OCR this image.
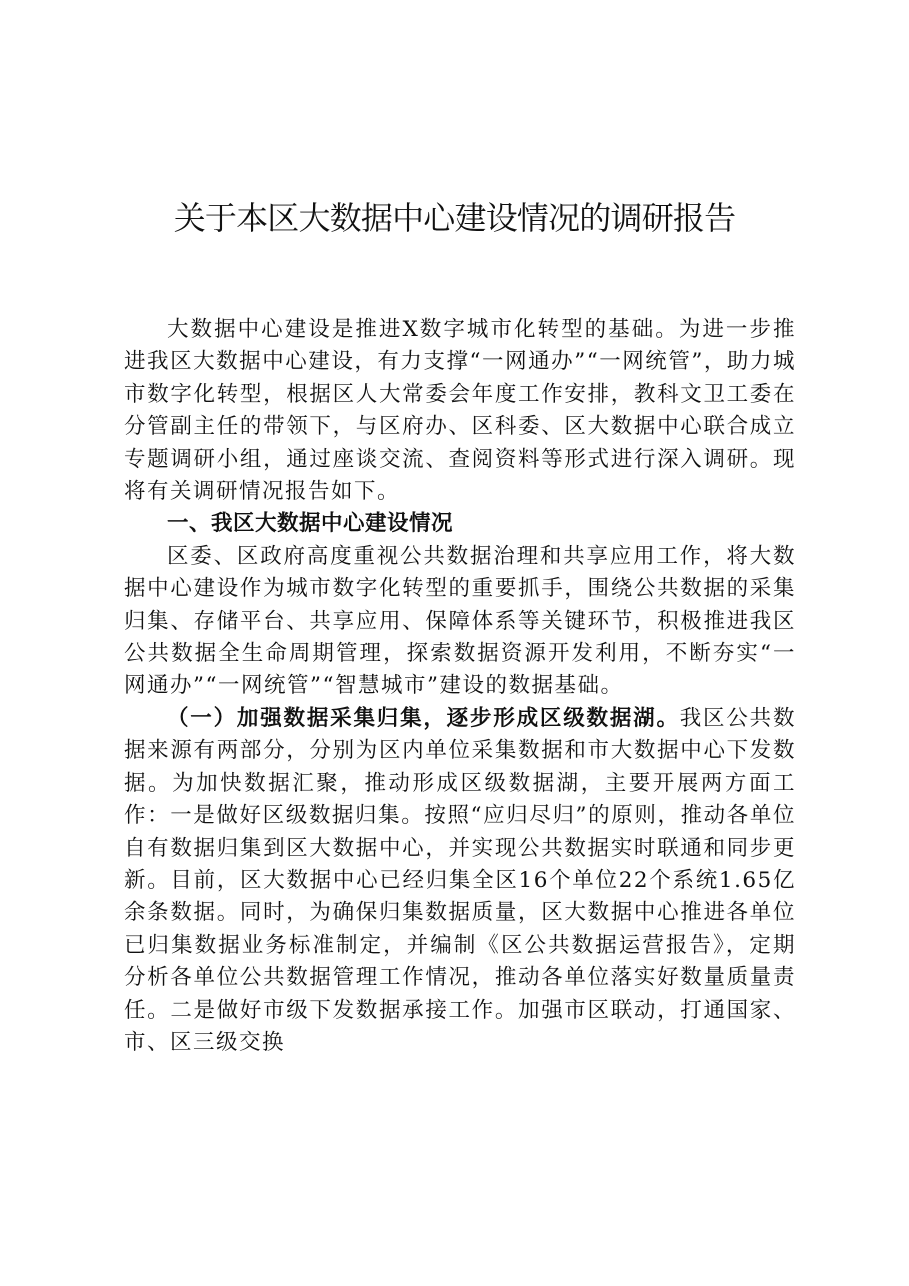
关于本区大数据中心建设情况的调研报告

大数据中心建设是推进X数字城市化转型的基础。为进一步推进我区大数据中心建设，有力支撑“一网通办”“一网统管”，助力城市数字化转型，根据区人大常委会年度工作安排，教科文卫工委在分管副主任的带领下，与区府办、区科委、区大数据中心联合成立专题调研小组，通过座谈交流、查阅资料等形式进行深入调研。现将有关调研情况报告如下。

一、我区大数据中心建设情况

区委、区政府高度重视公共数据治理和共享应用工作，将大数据中心建设作为城市数字化转型的重要抓手，围绕公共数据的采集归集、存储平台、共享应用、保障体系等关键环节，积极推进我区公共数据全生命周期管理，探索数据资源开发利用，不断夯实“一网通办”“一网统管”“智慧城市”建设的数据基础。

（一）加强数据采集归集，逐步形成区级数据湖。我区公共数据来源有两部分，分别为区内单位采集数据和市大数据中心下发数据。为加快数据汇聚，推动形成区级数据湖，主要开展两方面工作：一是做好区级数据归集。按照“应归尽归”的原则，推动各单位自有数据归集到区大数据中心，并实现公共数据实时联通和同步更新。目前，区大数据中心已经归集全区16个单位22个系统1.65亿余条数据。同时，为确保归集数据质量，区大数据中心推进各单位已归集数据业务标准制定，并编制《区公共数据运营报告》，定期分析各单位公共数据管理工作情况，推动各单位落实好数量质量责任。二是做好市级下发数据承接工作。加强市区联动，打通国家、市、区三级交换
